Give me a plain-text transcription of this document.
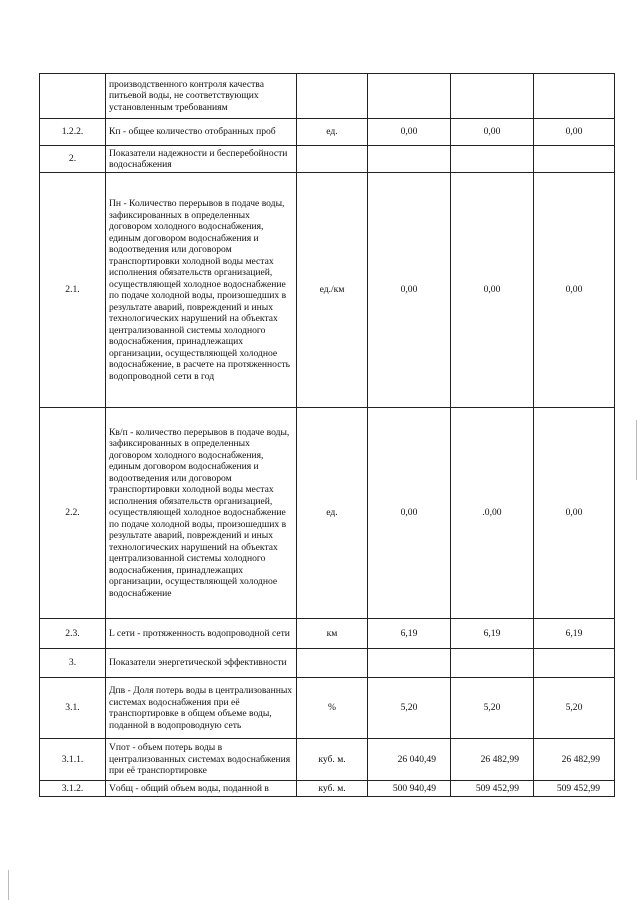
	производственного контроля качества питьевой воды, не соответствующих установленным требованиям				
1.2.2.	Кп - общее количество отобранных проб	ед.	0,00	0,00	0,00
2.	Показатели надежности и бесперебойности водоснабжения				
2.1.	Пн - Количество перерывов в подаче воды, зафиксированных в определенных договором холодного водоснабжения, единым договором водоснабжения и водоотведения или договором транспортировки холодной воды местах исполнения обязательств организацией, осуществляющей холодное водоснабжение по подаче холодной воды, произошедших в результате аварий, повреждений и иных технологических нарушений на объектах централизованной системы холодного водоснабжения, принадлежащих организации, осуществляющей холодное водоснабжение, в расчете на протяженность водопроводной сети в год	ед./км	0,00	0,00	0,00
2.2.	Кв/п - количество перерывов в подаче воды, зафиксированных в определенных договором холодного водоснабжения, единым договором водоснабжения и водоотведения или договором транспортировки холодной воды местах исполнения обязательств организацией, осуществляющей холодное водоснабжение по подаче холодной воды, произошедших в результате аварий, повреждений и иных технологических нарушений на объектах централизованной системы холодного водоснабжения, принадлежащих организации, осуществляющей холодное водоснабжение	ед.	0,00	.0,00	0,00
2.3.	L сети - протяженность водопроводной сети	км	6,19	6,19	6,19
3.	Показатели энергетической эффективности				
3.1.	Дпв - Доля потерь воды в централизованных системах водоснабжения при её транспортировке в общем объеме воды, поданной в водопроводную сеть	%	5,20	5,20	5,20
3.1.1.	Vпот - объем потерь воды в централизованных системах водоснабжения при её транспортировке	куб. м.	26 040,49	26 482,99	26 482,99
3.1.2.	Vобщ - общий объем воды, поданной в	куб. м.	500 940,49	509 452,99	509 452,99
